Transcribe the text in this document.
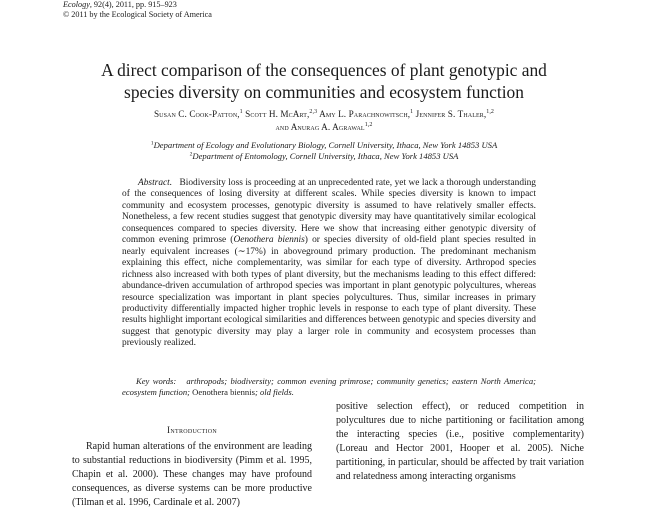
Ecology, 92(4), 2011, pp. 915–923
© 2011 by the Ecological Society of America
A direct comparison of the consequences of plant genotypic and
species diversity on communities and ecosystem function
Susan C. Cook-Patton,$^1$ Scott H. McArt,$^{2,3}$ Amy L. Parachnowitsch,$^1$ Jennifer S. Thaler,$^{1,2}$
and Anurag A. Agrawal$^{1,2}$
$^1$Department of Ecology and Evolutionary Biology, Cornell University, Ithaca, New York 14853 USA
$^2$Department of Entomology, Cornell University, Ithaca, New York 14853 USA
Abstract. Biodiversity loss is proceeding at an unprecedented rate, yet we lack a thorough understanding of the consequences of losing diversity at different scales. While species diversity is known to impact community and ecosystem processes, genotypic diversity is assumed to have relatively smaller effects. Nonetheless, a few recent studies suggest that genotypic diversity may have quantitatively similar ecological consequences compared to species diversity. Here we show that increasing either genotypic diversity of common evening primrose (Oenothera biennis) or species diversity of old-field plant species resulted in nearly equivalent increases (∼17%) in aboveground primary production. The predominant mechanism explaining this effect, niche complementarity, was similar for each type of diversity. Arthropod species richness also increased with both types of plant diversity, but the mechanisms leading to this effect differed: abundance-driven accumulation of arthropod species was important in plant genotypic polycultures, whereas resource specialization was important in plant species polycultures. Thus, similar increases in primary productivity differentially impacted higher trophic levels in response to each type of plant diversity. These results highlight important ecological similarities and differences between genotypic and species diversity and suggest that genotypic diversity may play a larger role in community and ecosystem processes than previously realized.
Key words: arthropods; biodiversity; common evening primrose; community genetics; eastern North America; ecosystem function; Oenothera biennis; old fields.
Introduction
Rapid human alterations of the environment are leading to substantial reductions in biodiversity (Pimm et al. 1995, Chapin et al. 2000). These changes may have profound consequences, as diverse systems can be more productive (Tilman et al. 1996, Cardinale et al. 2007)
positive selection effect), or reduced competition in polycultures due to niche partitioning or facilitation among the interacting species (i.e., positive complementarity) (Loreau and Hector 2001, Hooper et al. 2005). Niche partitioning, in particular, should be affected by trait variation and relatedness among interacting organisms
